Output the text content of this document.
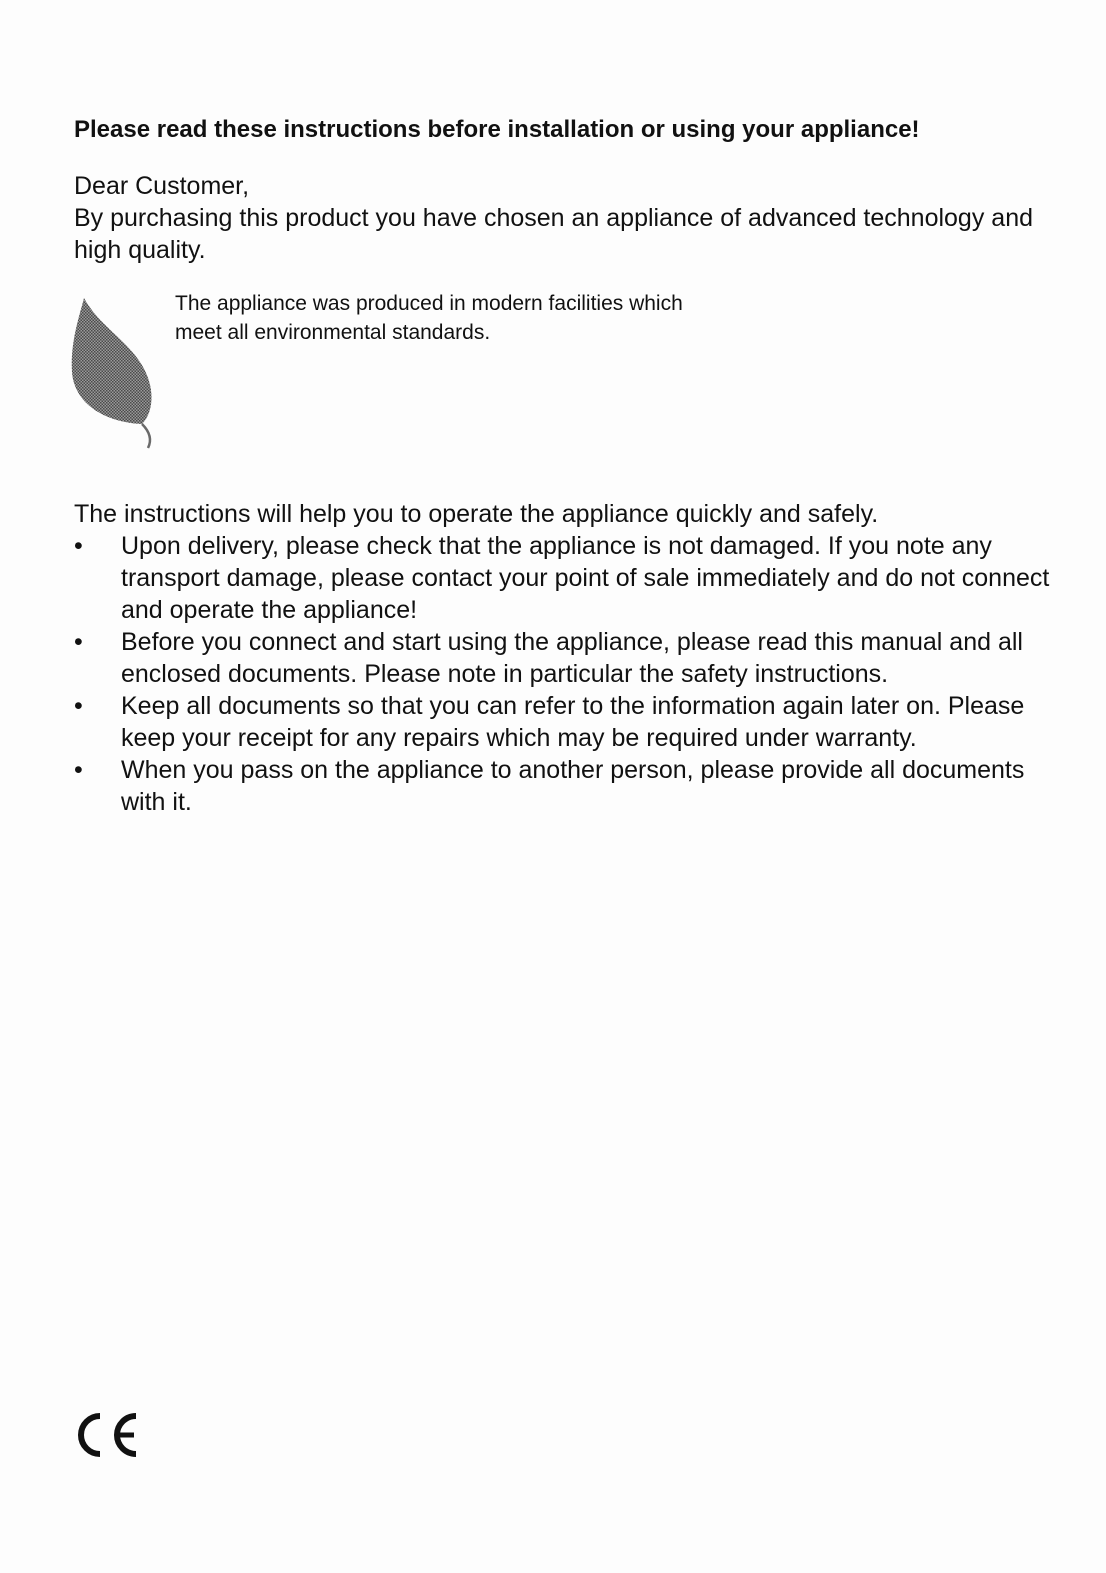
Please read these instructions before installation or using your appliance!

Dear Customer,

By purchasing this product you have chosen an appliance of advanced technology and high quality.

The appliance was produced in modern facilities which

meet all environmental standards.

The instructions will help you to operate the appliance quickly and safely.

•	Upon delivery, please check that the appliance is not damaged. If you note any transport damage, please contact your point of sale immediately and do not connect and operate the appliance!
•	Before you connect and start using the appliance, please read this manual and all enclosed documents. Please note in particular the safety instructions.
•	Keep all documents so that you can refer to the information again later on. Please keep your receipt for any repairs which may be required under warranty.
•	When you pass on the appliance to another person, please provide all documents with it.
